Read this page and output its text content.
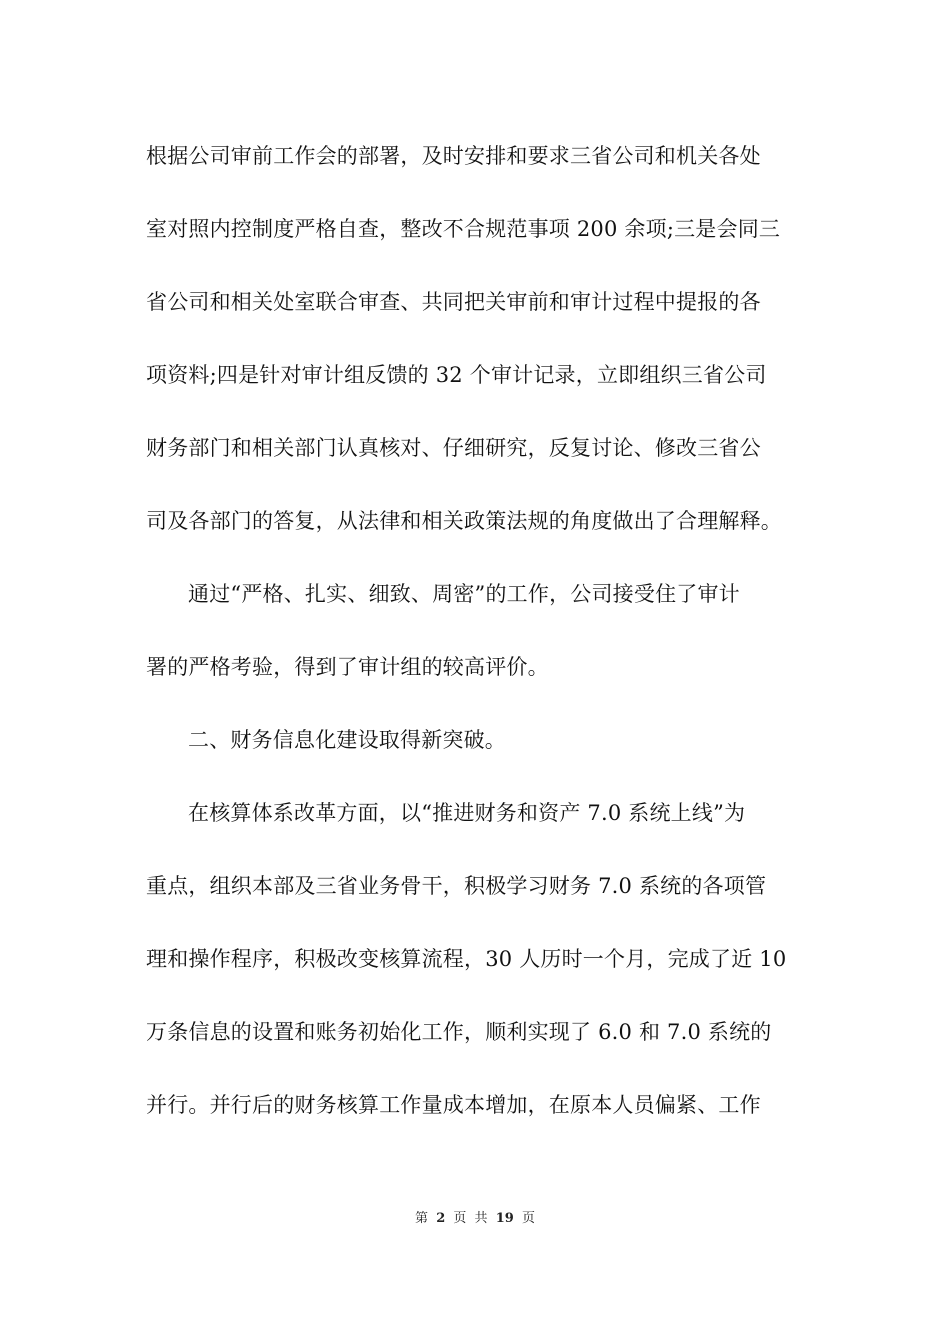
根据公司审前工作会的部署，及时安排和要求三省公司和机关各处
室对照内控制度严格自查，整改不合规范事项 200 余项;三是会同三
省公司和相关处室联合审查、共同把关审前和审计过程中提报的各
项资料;四是针对审计组反馈的 32 个审计记录，立即组织三省公司
财务部门和相关部门认真核对、仔细研究，反复讨论、修改三省公
司及各部门的答复，从法律和相关政策法规的角度做出了合理解释。
通过“严格、扎实、细致、周密”的工作，公司接受住了审计
署的严格考验，得到了审计组的较高评价。
二、财务信息化建设取得新突破。
在核算体系改革方面，以“推进财务和资产 7.0 系统上线”为
重点，组织本部及三省业务骨干，积极学习财务 7.0 系统的各项管
理和操作程序，积极改变核算流程，30 人历时一个月，完成了近 10
万条信息的设置和账务初始化工作，顺利实现了 6.0 和 7.0 系统的
并行。并行后的财务核算工作量成本增加，在原本人员偏紧、工作
第 2 页 共 19 页
